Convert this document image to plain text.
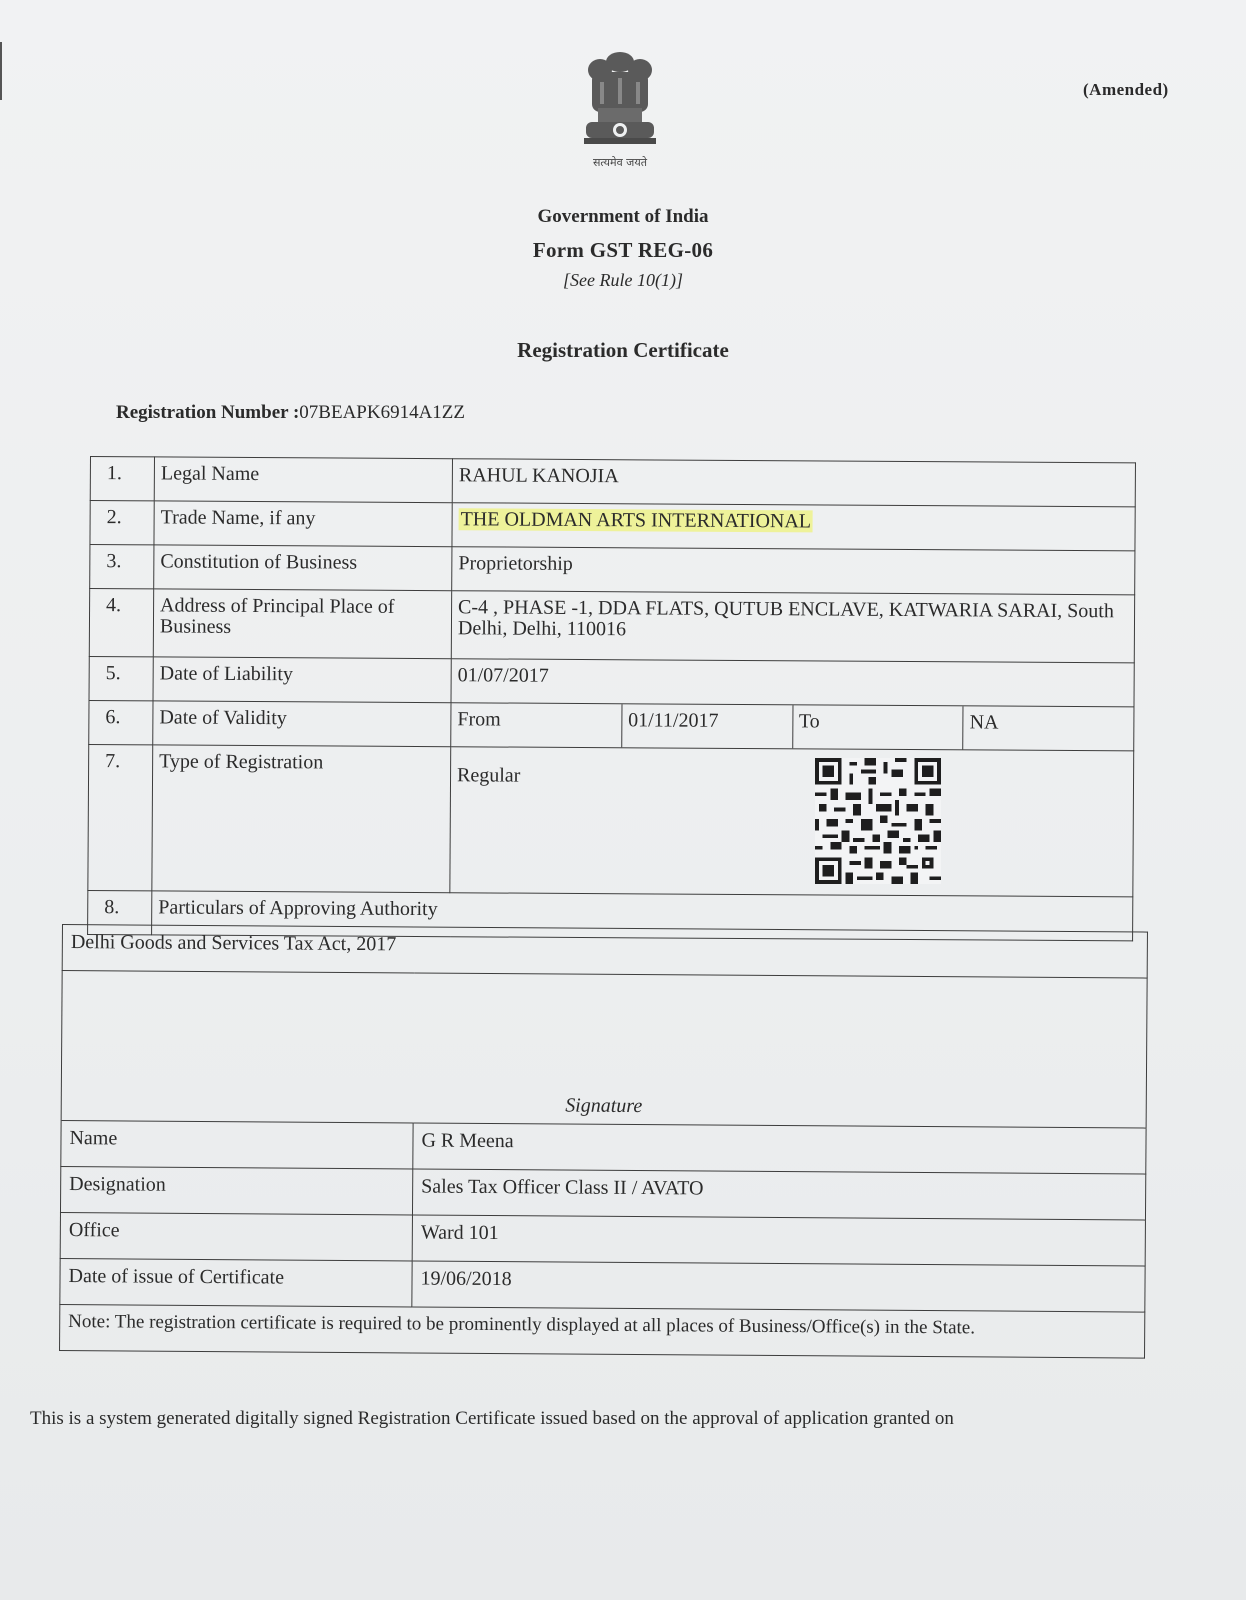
(Amended)
सत्यमेव जयते
Government of India
Form GST REG-06
[See Rule 10(1)]
Registration Certificate
Registration Number :07BEAPK6914A1ZZ
1.	Legal Name	RAHUL KANOJIA
2.	Trade Name, if any	THE OLDMAN ARTS INTERNATIONAL
3.	Constitution of Business	Proprietorship
4.	Address of Principal Place of Business	C-4 , PHASE -1, DDA FLATS, QUTUB ENCLAVE, KATWARIA SARAI, South Delhi, Delhi, 110016
5.	Date of Liability	01/07/2017
6.	Date of Validity	From 01/11/2017 To NA

7.	Type of Registration	Regular
8.	Particulars of Approving Authority	
Delhi Goods and Services Tax Act, 2017	
Signature	
Name	G R Meena
Designation	Sales Tax Officer Class II / AVATO
Office	Ward 101
Date of issue of Certificate	19/06/2018
Note: The registration certificate is required to be prominently displayed at all places of Business/Office(s) in the State.	
This is a system generated digitally signed Registration Certificate issued based on the approval of application granted on
